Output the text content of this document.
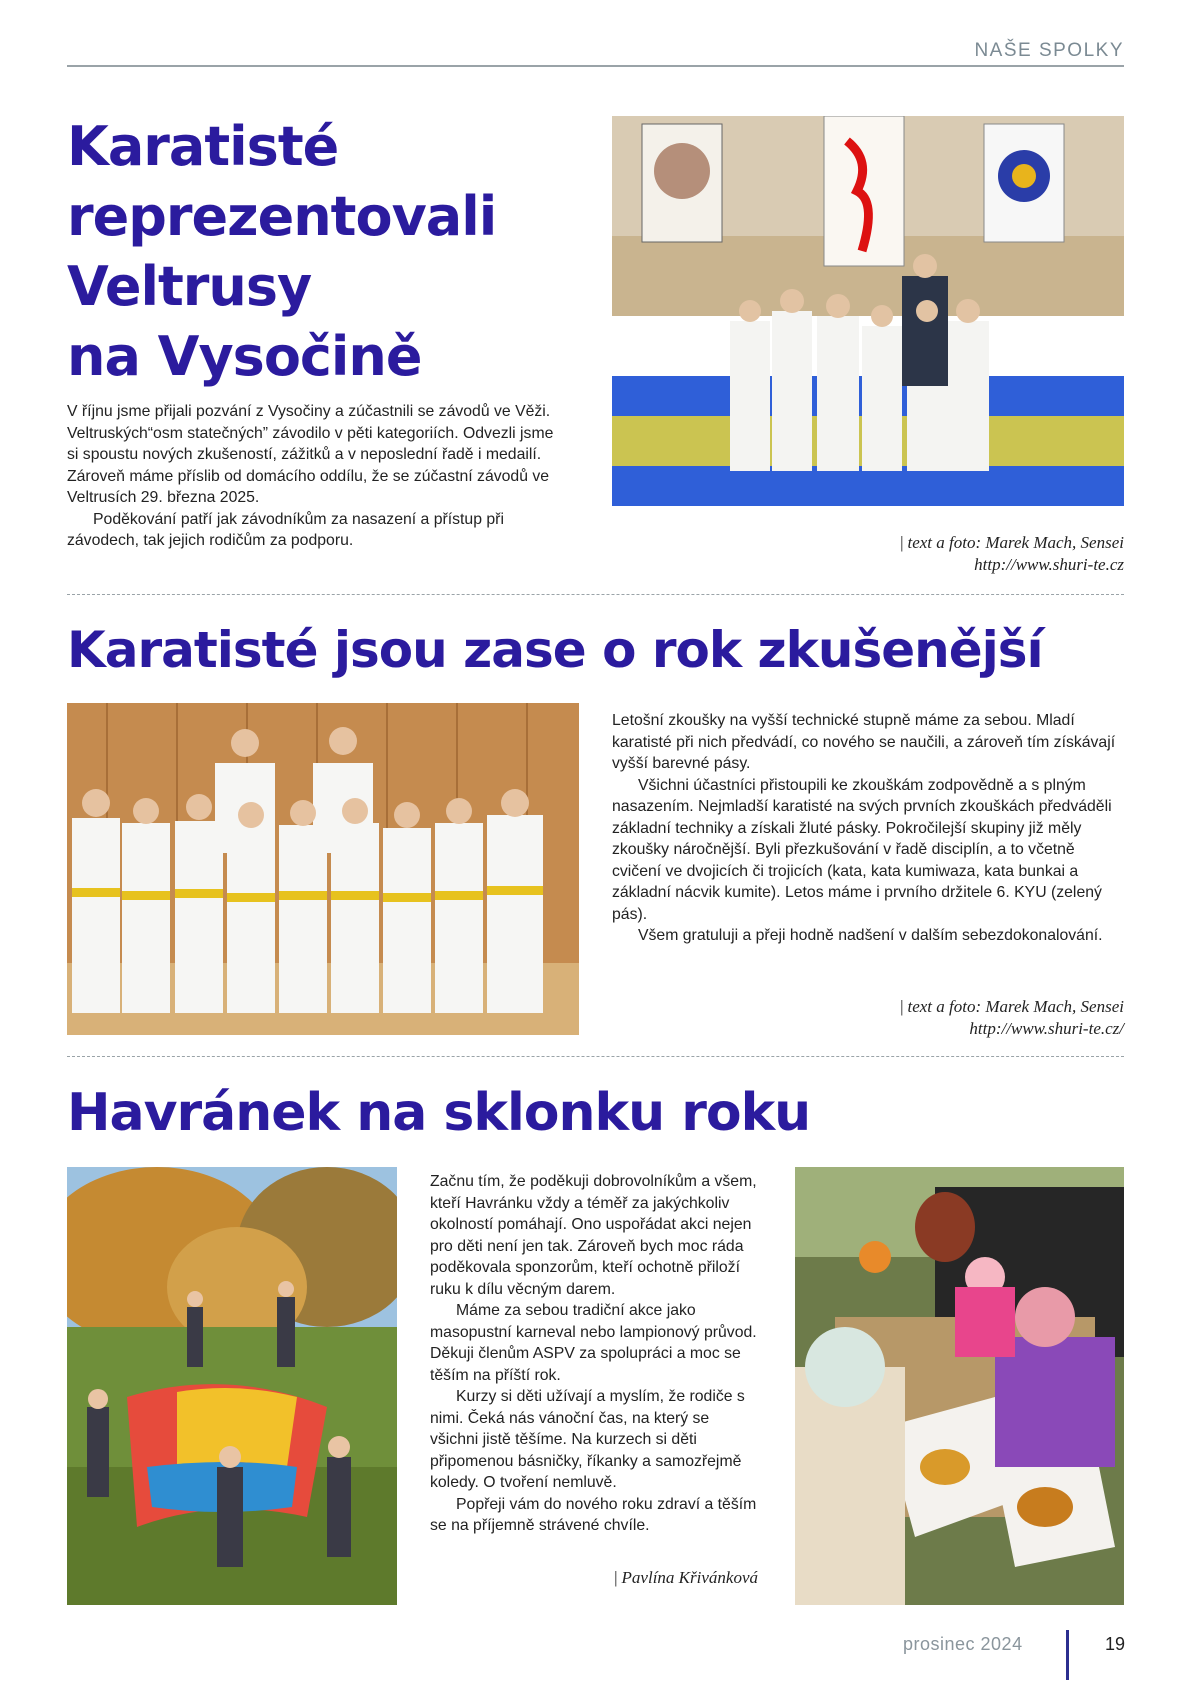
NAŠE SPOLKY
Karatisté
reprezentovali
Veltrusy
na Vysočině

V říjnu jsme přijali pozvání z Vysočiny a zúčastnili se závodů ve Věži. Veltruských“osm statečných” závodilo v pěti kategoriích. Odvezli jsme si spoustu nových zkušeností, zážitků a v neposlední řadě i medailí. Zároveň máme příslib od domácího oddílu, že se zúčastní závodů ve Veltrusích 29. března 2025.

Poděkování patří jak závodníkům za nasazení a přístup při závodech, tak jejich rodičům za podporu.	| text a foto: Marek Mach, Sensei
http://www.shuri-te.cz
Karatisté jsou zase o rok zkušenější

Letošní zkoušky na vyšší technické stupně máme za sebou. Mladí karatisté při nich předvádí, co nového se naučili, a zároveň tím získávají vyšší barevné pásy.

Všichni účastníci přistoupili ke zkouškám zodpovědně a s plným nasazením. Nejmladší karatisté na svých prvních zkouškách předváděli základní techniky a získali žluté pásky. Pokročilejší skupiny již měly zkoušky náročnější. Byli přezkušování v řadě disciplín, a to včetně cvičení ve dvojicích či trojicích (kata, kata kumiwaza, kata bunkai a základní nácvik kumite). Letos máme i prvního držitele 6. KYU (zelený pás).

Všem gratuluji a přeji hodně nadšení v dalším sebezdokonalování.

| text a foto: Marek Mach, Sensei
http://www.shuri-te.cz/
Havránek na sklonku roku

Začnu tím, že poděkuji dobrovolníkům a všem, kteří Havránku vždy a téměř za jakýchkoliv okolností pomáhají. Ono uspořádat akci nejen pro děti není jen tak. Zároveň bych moc ráda poděkovala sponzorům, kteří ochotně přiloží ruku k dílu věcným darem.

Máme za sebou tradiční akce jako masopustní karneval nebo lampionový průvod. Děkuji členům ASPV za spolupráci a moc se těším na příští rok.

Kurzy si děti užívají a myslím, že rodiče s nimi. Čeká nás vánoční čas, na který se všichni jistě těšíme. Na kurzech si děti připomenou básničky, říkanky a samozřejmě koledy. O tvoření nemluvě.

Popřeji vám do nového roku zdraví a těším se na příjemně strávené chvíle.

| Pavlína Křivánková
prosinec 2024	19
